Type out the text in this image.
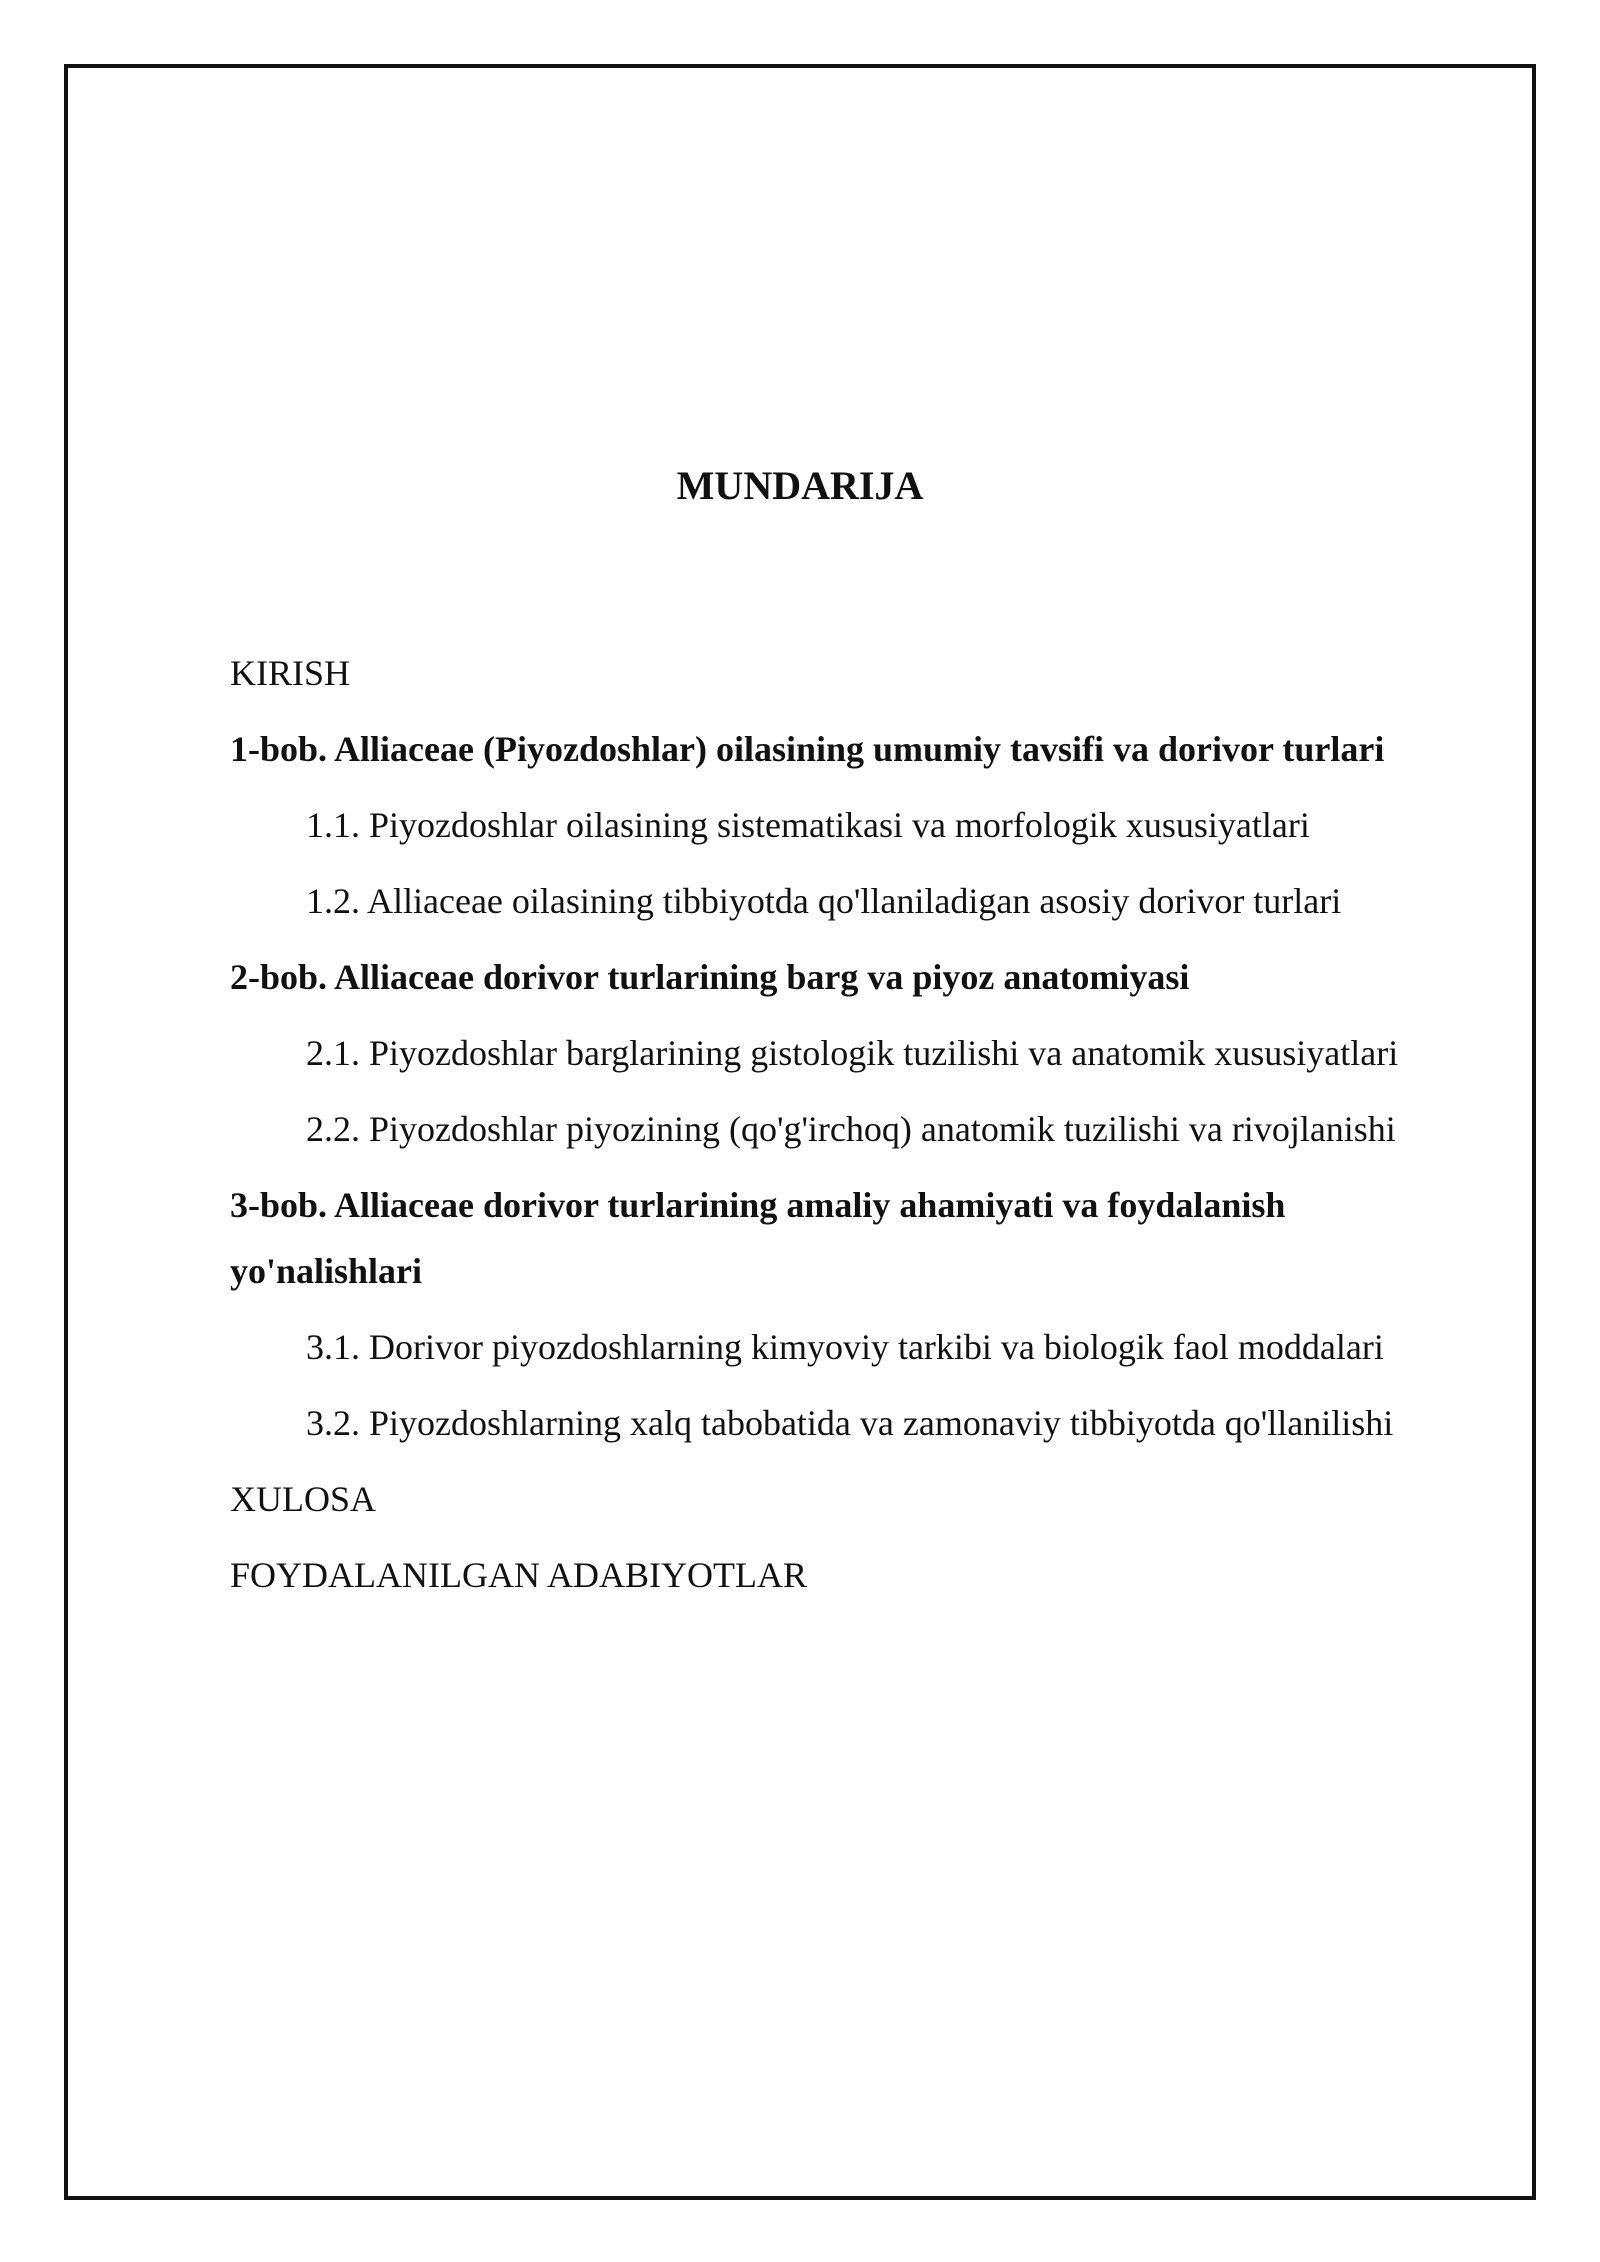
MUNDARIJA
KIRISH
1-bob. Alliaceae (Piyozdoshlar) oilasining umumiy tavsifi va dorivor turlari
1.1. Piyozdoshlar oilasining sistematikasi va morfologik xususiyatlari
1.2. Alliaceae oilasining tibbiyotda qo'llaniladigan asosiy dorivor turlari
2-bob. Alliaceae dorivor turlarining barg va piyoz anatomiyasi
2.1. Piyozdoshlar barglarining gistologik tuzilishi va anatomik xususiyatlari
2.2. Piyozdoshlar piyozining (qo'g'irchoq) anatomik tuzilishi va rivojlanishi
3-bob. Alliaceae dorivor turlarining amaliy ahamiyati va foydalanish yo'nalishlari
3.1. Dorivor piyozdoshlarning kimyoviy tarkibi va biologik faol moddalari
3.2. Piyozdoshlarning xalq tabobatida va zamonaviy tibbiyotda qo'llanilishi
XULOSA
FOYDALANILGAN ADABIYOTLAR
